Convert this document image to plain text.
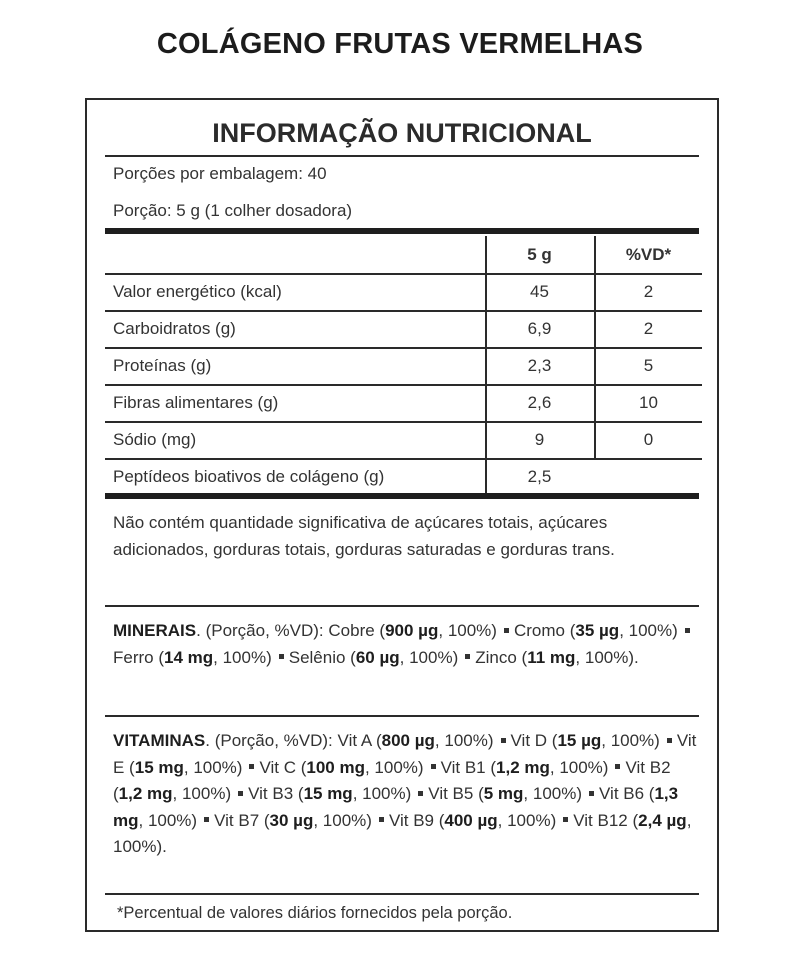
COLÁGENO FRUTAS VERMELHAS
INFORMAÇÃO NUTRICIONAL
Porções por embalagem: 40
Porção: 5 g (1 colher dosadora)
5 g	%VD*
Valor energético (kcal)	45	2
Carboidratos (g)	6,9	2
Proteínas (g)	2,3	5
Fibras alimentares (g)	2,6	10
Sódio (mg)	9	0
Peptídeos bioativos de colágeno (g)	2,5
Não contém quantidade significativa de açúcares totais, açúcares adicionados, gorduras totais, gorduras saturadas e gorduras trans.
MINERAIS. (Porção, %VD): Cobre (900 µg, 100%) Cromo (35 µg, 100%)Ferro (14 mg, 100%) Selênio (60 µg, 100%) Zinco (11 mg, 100%).
VITAMINAS. (Porção, %VD): Vit A (800 µg, 100%) Vit D (15 µg, 100%) Vit E (15 mg, 100%) Vit C (100 mg, 100%) Vit B1 (1,2 mg, 100%) Vit B2 (1,2 mg, 100%) Vit B3 (15 mg, 100%) Vit B5 (5 mg, 100%) Vit B6 (1,3 mg, 100%) Vit B7 (30 µg, 100%) Vit B9 (400 µg, 100%) Vit B12 (2,4 µg, 100%).
*Percentual de valores diários fornecidos pela porção.
